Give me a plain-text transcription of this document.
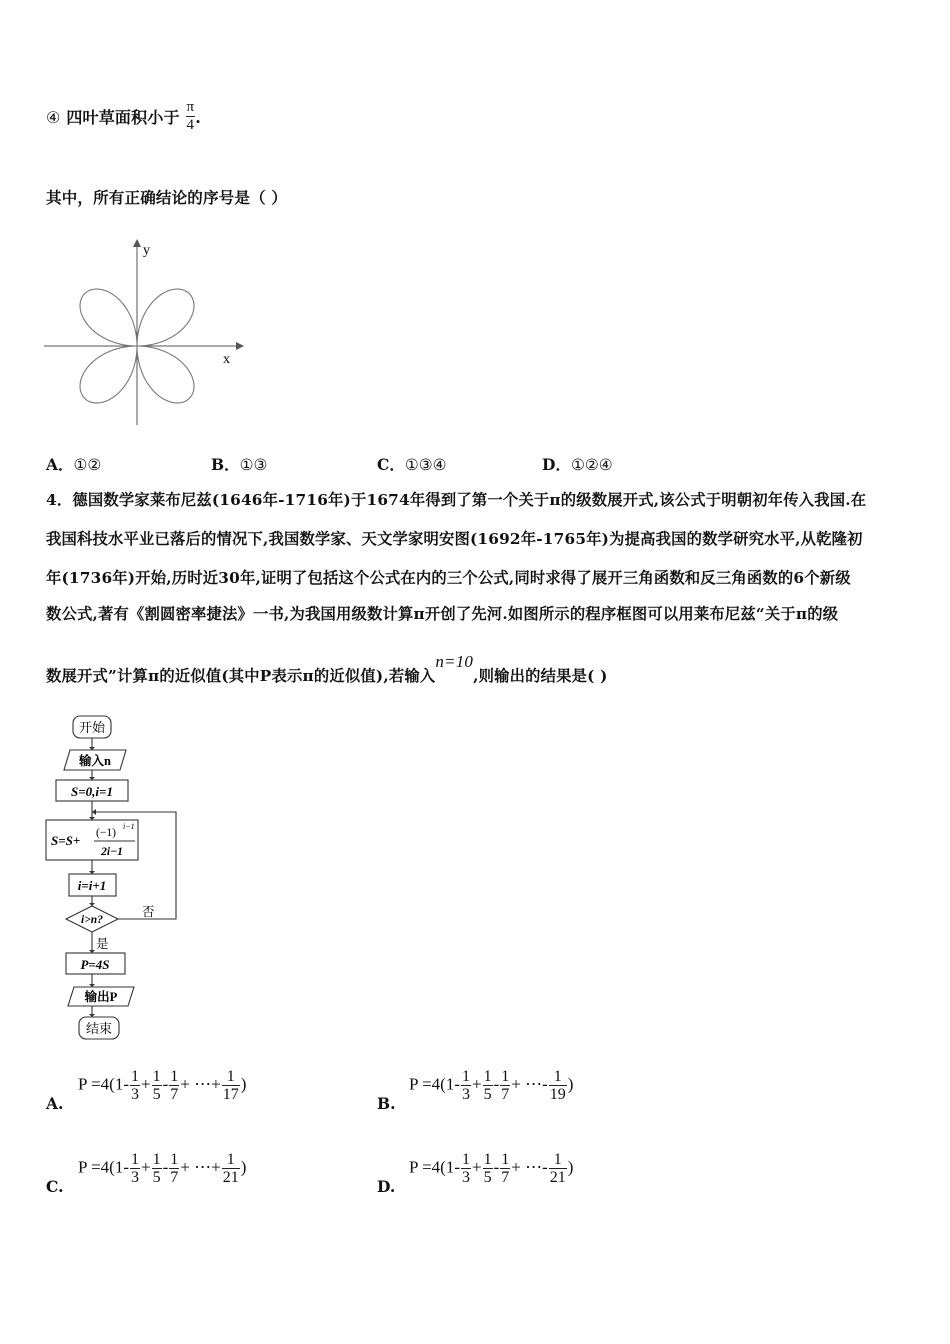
④ 四叶草面积小于 $\frac{\pi}{4}$ .
其中，所有正确结论的序号是（ ）
y
x
A．①②	B．①③	C．①③④	D．①②④
4．德国数学家莱布尼兹(1646年-1716年)于1674年得到了第一个关于π的级数展开式,该公式于明朝初年传入我国.在
我国科技水平业已落后的情况下,我国数学家、天文学家明安图(1692年-1765年)为提高我国的数学研究水平,从乾隆初
年(1736年)开始,历时近30年,证明了包括这个公式在内的三个公式,同时求得了展开三角函数和反三角函数的6个新级
数公式,著有《割圆密率捷法》一书,为我国用级数计算π开创了先河.如图所示的程序框图可以用莱布尼兹“关于π的级
数展开式”计算π的近似值(其中P表示π的近似值),若输入n=10,则输出的结果是( )
开始
输入n
S=0,i=1
S=S+ (−1)
i−1
2i−1
i=i+1
i>n?
否
是
P=4S
输出P
结束
A.
$P =4(1- \frac{1}{3} + \frac{1}{5} - \frac{1}{7}$ + ⋯+ $\frac{1}{17}$ )
B.
$P =4(1- \frac{1}{3} + \frac{1}{5} - \frac{1}{7}$ + ⋯- $\frac{1}{19}$ )
C.
$P =4(1- \frac{1}{3} + \frac{1}{5} - \frac{1}{7}$ + ⋯+ $\frac{1}{21}$ )
D.
$P =4(1- \frac{1}{3} + \frac{1}{5} - \frac{1}{7}$ + ⋯- $\frac{1}{21}$ )
